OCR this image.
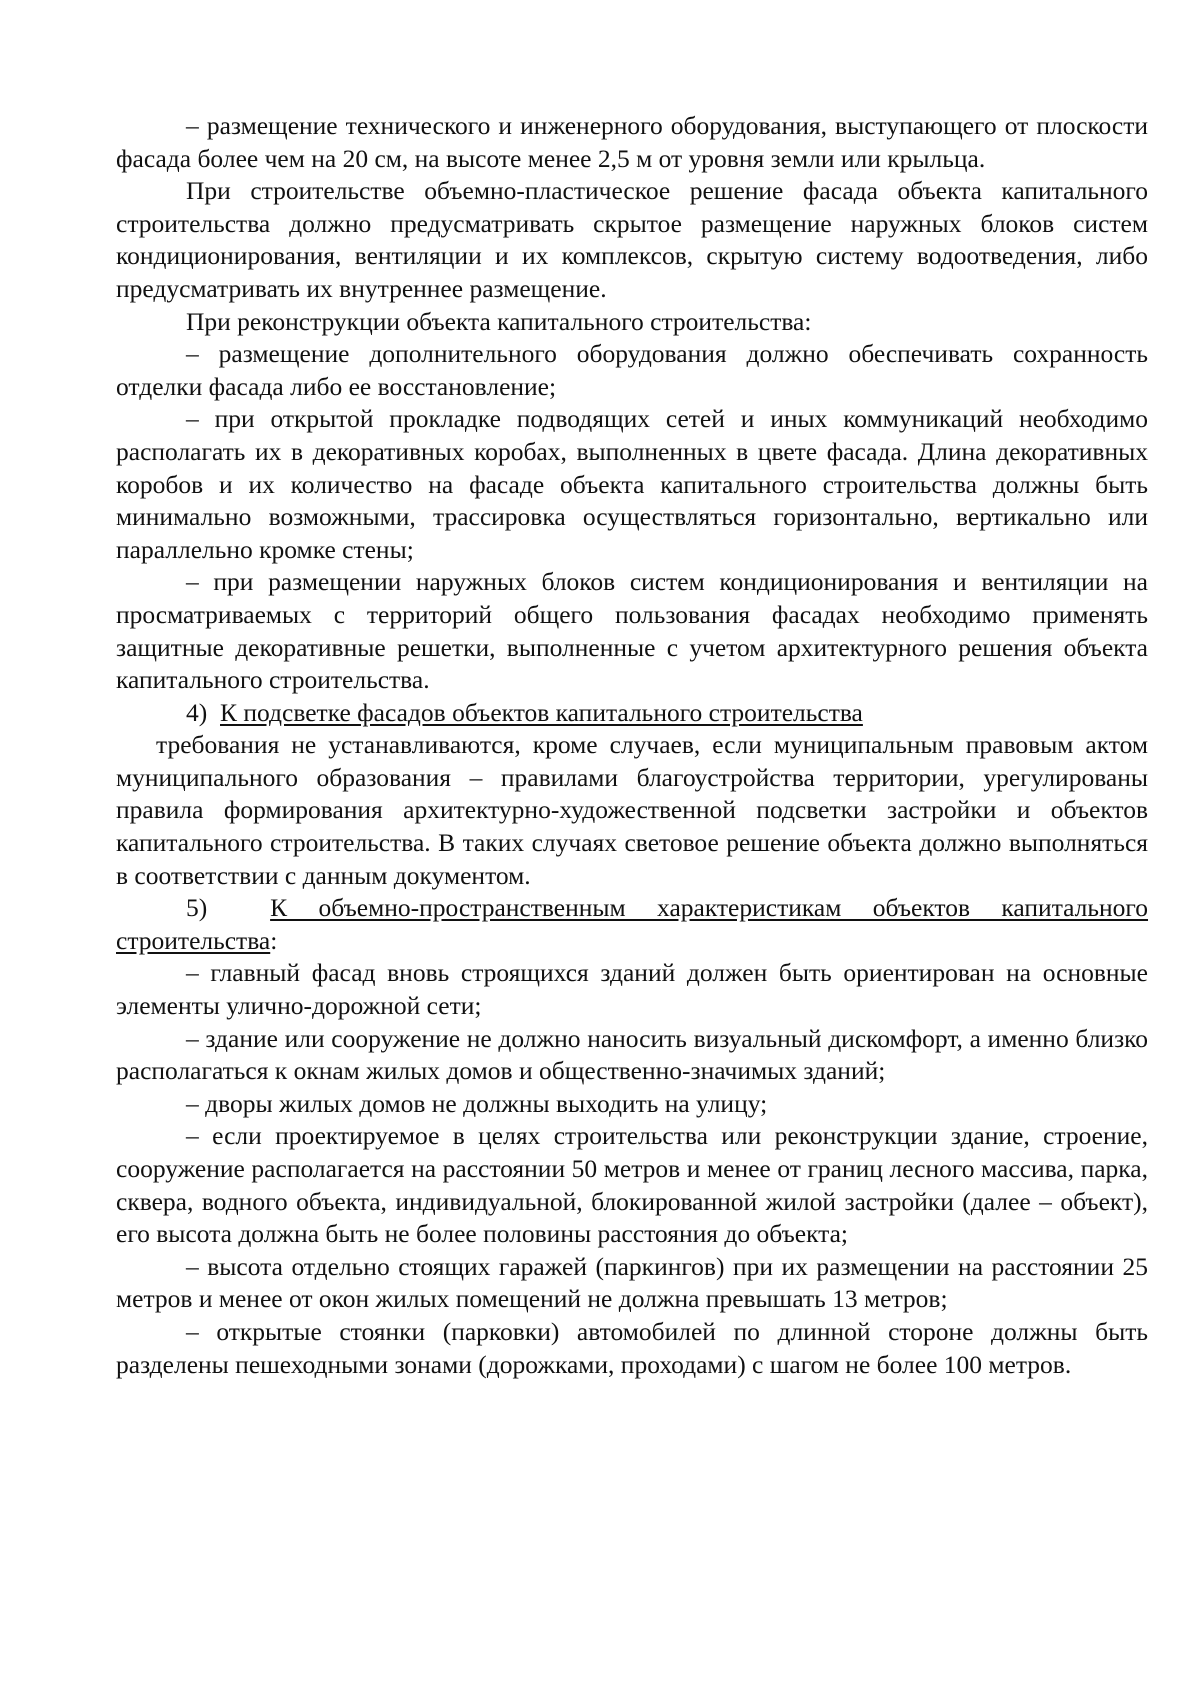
– размещение технического и инженерного оборудования, выступающего от плоскости фасада более чем на 20 см, на высоте менее 2,5 м от уровня земли или крыльца.

При строительстве объемно-пластическое решение фасада объекта капитального строительства должно предусматривать скрытое размещение наружных блоков систем кондиционирования, вентиляции и их комплексов, скрытую систему водоотведения, либо предусматривать их внутреннее размещение.

При реконструкции объекта капитального строительства:

– размещение дополнительного оборудования должно обеспечивать сохранность отделки фасада либо ее восстановление;

– при открытой прокладке подводящих сетей и иных коммуникаций необходимо располагать их в декоративных коробах, выполненных в цвете фасада. Длина декоративных коробов и их количество на фасаде объекта капитального строительства должны быть минимально возможными, трассировка осуществляться горизонтально, вертикально или параллельно кромке стены;

– при размещении наружных блоков систем кондиционирования и вентиляции на просматриваемых с территорий общего пользования фасадах необходимо применять защитные декоративные решетки, выполненные с учетом архитектурного решения объекта капитального строительства.

4) К подсветке фасадов объектов капитального строительства

требования не устанавливаются, кроме случаев, если муниципальным правовым актом муниципального образования – правилами благоустройства территории, урегулированы правила формирования архитектурно-художественной подсветки застройки и объектов капитального строительства. В таких случаях световое решение объекта должно выполняться в соответствии с данным документом.

5) К объемно-пространственным характеристикам объектов капитального строительства:

– главный фасад вновь строящихся зданий должен быть ориентирован на основные элементы улично-дорожной сети;

– здание или сооружение не должно наносить визуальный дискомфорт, а именно близко располагаться к окнам жилых домов и общественно-значимых зданий;

– дворы жилых домов не должны выходить на улицу;

– если проектируемое в целях строительства или реконструкции здание, строение, сооружение располагается на расстоянии 50 метров и менее от границ лесного массива, парка, сквера, водного объекта, индивидуальной, блокированной жилой застройки (далее – объект), его высота должна быть не более половины расстояния до объекта;

– высота отдельно стоящих гаражей (паркингов) при их размещении на расстоянии 25 метров и менее от окон жилых помещений не должна превышать 13 метров;

– открытые стоянки (парковки) автомобилей по длинной стороне должны быть разделены пешеходными зонами (дорожками, проходами) с шагом не более 100 метров.
